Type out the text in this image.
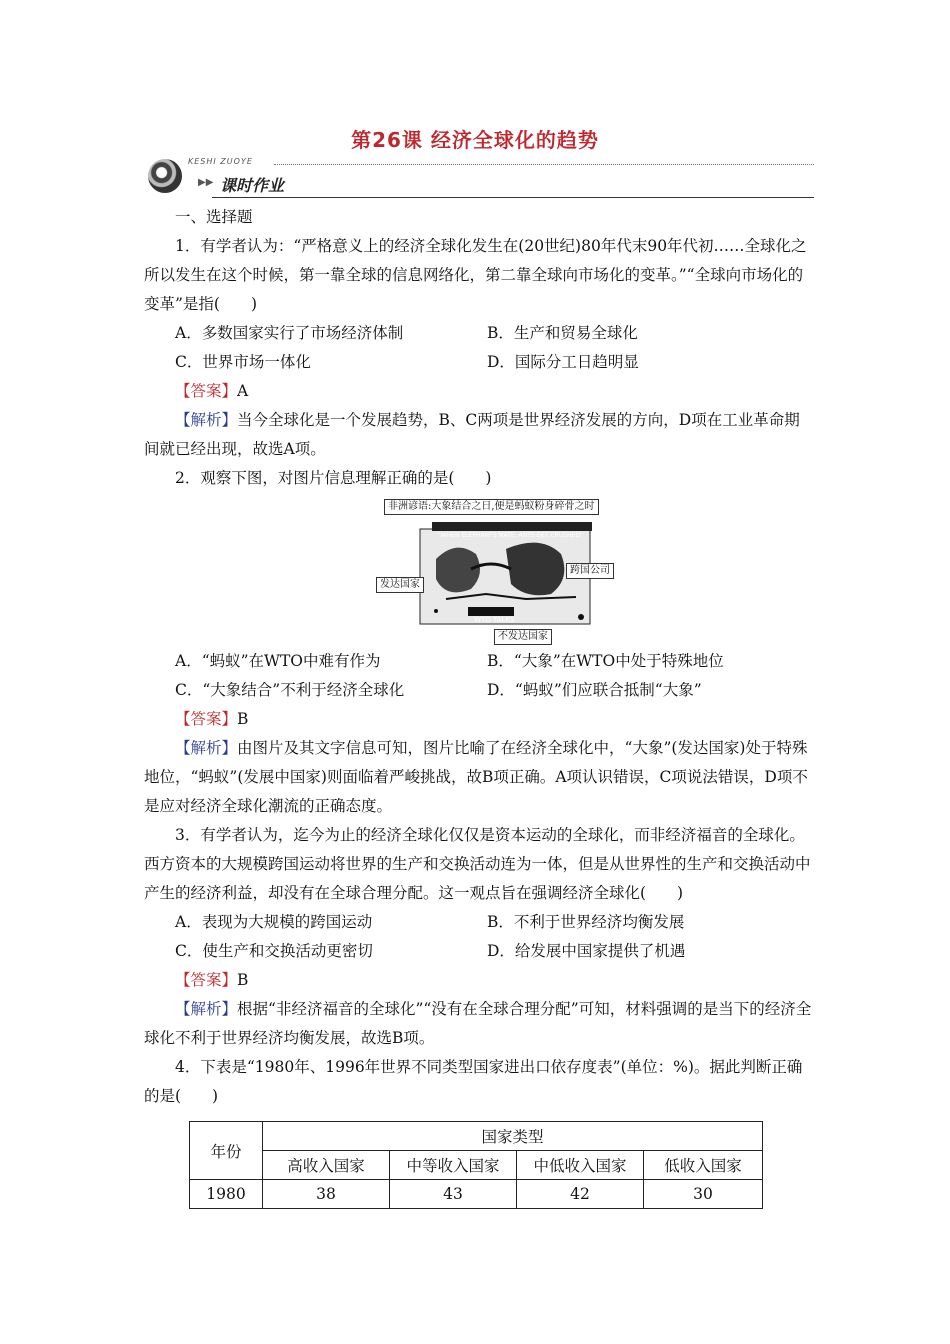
第26课 经济全球化的趋势
KESHI ZUOYE
▶▶ 课时作业

一、选择题

1．有学者认为：“严格意义上的经济全球化发生在(20世纪)80年代末90年代初……全球化之所以发生在这个时候，第一靠全球的信息网络化，第二靠全球向市场化的变革。”“全球向市场化的变革”是指(　　)

A．多数国家实行了市场经济体制	B．生产和贸易全球化
C．世界市场一体化	D．国际分工日趋明显

【答案】A

【解析】当今全球化是一个发展趋势，B、C两项是世界经济发展的方向，D项在工业革命期间就已经出现，故选A项。

2．观察下图，对图片信息理解正确的是(　　)

非洲谚语:大象结合之日,便是蚂蚁粉身碎骨之时
"WHEN ELEPHANTS MATE, ANTS GET CRUSHED"
发达国家
跨国公司
不发达国家
WTO TALKS
A．“蚂蚁”在WTO中难有作为	B．“大象”在WTO中处于特殊地位
C．“大象结合”不利于经济全球化	D．“蚂蚁”们应联合抵制“大象”

【答案】B

【解析】由图片及其文字信息可知，图片比喻了在经济全球化中，“大象”(发达国家)处于特殊地位，“蚂蚁”(发展中国家)则面临着严峻挑战，故B项正确。A项认识错误，C项说法错误，D项不是应对经济全球化潮流的正确态度。

3．有学者认为，迄今为止的经济全球化仅仅是资本运动的全球化，而非经济福音的全球化。西方资本的大规模跨国运动将世界的生产和交换活动连为一体，但是从世界性的生产和交换活动中产生的经济利益，却没有在全球合理分配。这一观点旨在强调经济全球化(　　)

A．表现为大规模的跨国运动	B．不利于世界经济均衡发展
C．使生产和交换活动更密切	D．给发展中国家提供了机遇

【答案】B

【解析】根据“非经济福音的全球化”“没有在全球合理分配”可知，材料强调的是当下的经济全球化不利于世界经济均衡发展，故选B项。

4．下表是“1980年、1996年世界不同类型国家进出口依存度表”(单位：%)。据此判断正确的是(　　)

年份	国家类型			
	高收入国家	中等收入国家	中低收入国家	低收入国家
1980	38	43	42	30
